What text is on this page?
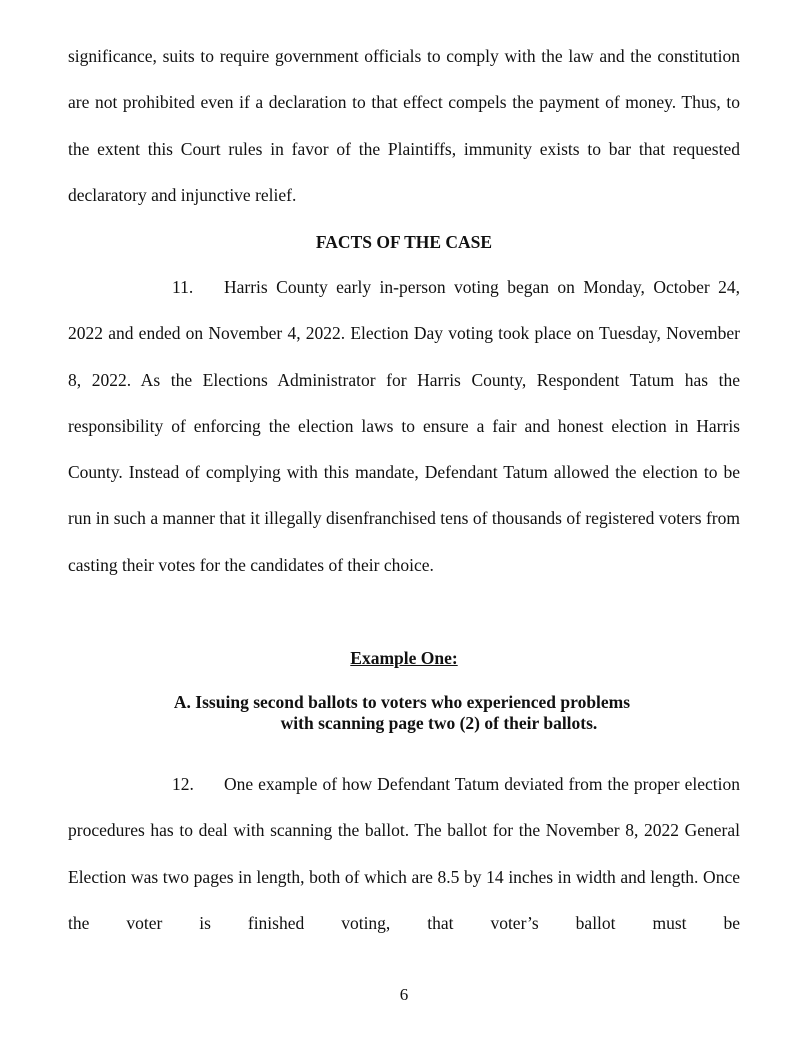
significance, suits to require government officials to comply with the law and the constitution are not prohibited even if a declaration to that effect compels the payment of money. Thus, to the extent this Court rules in favor of the Plaintiffs, immunity exists to bar that requested declaratory and injunctive relief.

FACTS OF THE CASE

11. Harris County early in-person voting began on Monday, October 24, 2022 and ended on November 4, 2022. Election Day voting took place on Tuesday, November 8, 2022. As the Elections Administrator for Harris County, Respondent Tatum has the responsibility of enforcing the election laws to ensure a fair and honest election in Harris County. Instead of complying with this mandate, Defendant Tatum allowed the election to be run in such a manner that it illegally disenfranchised tens of thousands of registered voters from casting their votes for the candidates of their choice.

Example One:
A. Issuing second ballots to voters who experienced problems
with scanning page two (2) of their ballots.

12. One example of how Defendant Tatum deviated from the proper election procedures has to deal with scanning the ballot. The ballot for the November 8, 2022 General Election was two pages in length, both of which are 8.5 by 14 inches in width and length. Once the voter is finished voting, that voter’s ballot must be

6
